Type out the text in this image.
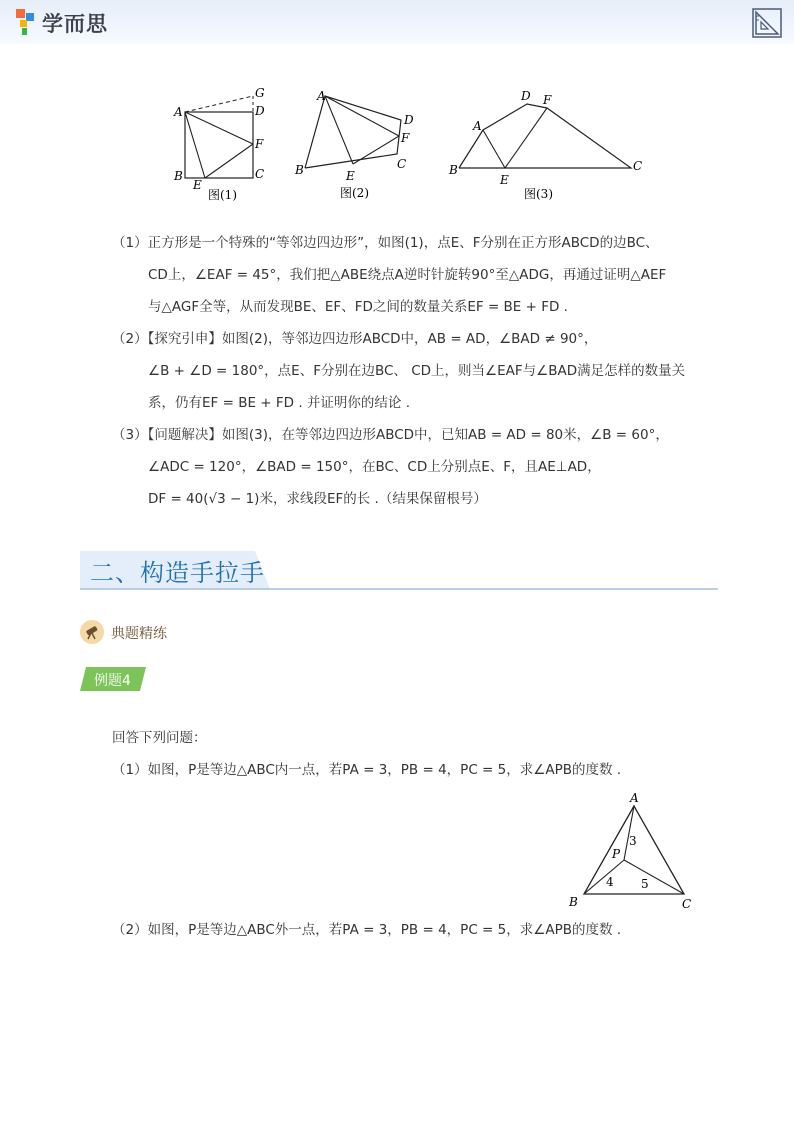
学而思
A
G
D
F
B
E
C
图(1)
A
D
F
C
B	E
图(2)
D F
A
B
E
C
图(3)
（1）正方形是一个特殊的“等邻边四边形”，如图(1)，点E、F分别在正方形ABCD的边BC、
CD上，∠EAF = 45°，我们把△ABE绕点A逆时针旋转90°至△ADG，再通过证明△AEF
与△AGF全等，从而发现BE、EF、FD之间的数量关系EF = BE + FD .
（2）【探究引申】如图(2)，等邻边四边形ABCD中，AB = AD，∠BAD ≠ 90°，
∠B + ∠D = 180°，点E、F分别在边BC、 CD上，则当∠EAF与∠BAD满足怎样的数量关
系，仍有EF = BE + FD . 并证明你的结论 .
（3）【问题解决】如图(3)，在等邻边四边形ABCD中，已知AB = AD = 80米，∠B = 60°，
∠ADC = 120°，∠BAD = 150°，在BC、CD上分别点E、F，且AE⊥AD，
DF = 40(√3 − 1)米，求线段EF的长 .（结果保留根号）
二、构造手拉手
典题精练
例题4
回答下列问题：
（1）如图，P是等边△ABC内一点，若PA = 3，PB = 4，PC = 5，求∠APB的度数 .
A
P
B	C
3
4 5
（2）如图，P是等边△ABC外一点，若PA = 3，PB = 4，PC = 5，求∠APB的度数 .
